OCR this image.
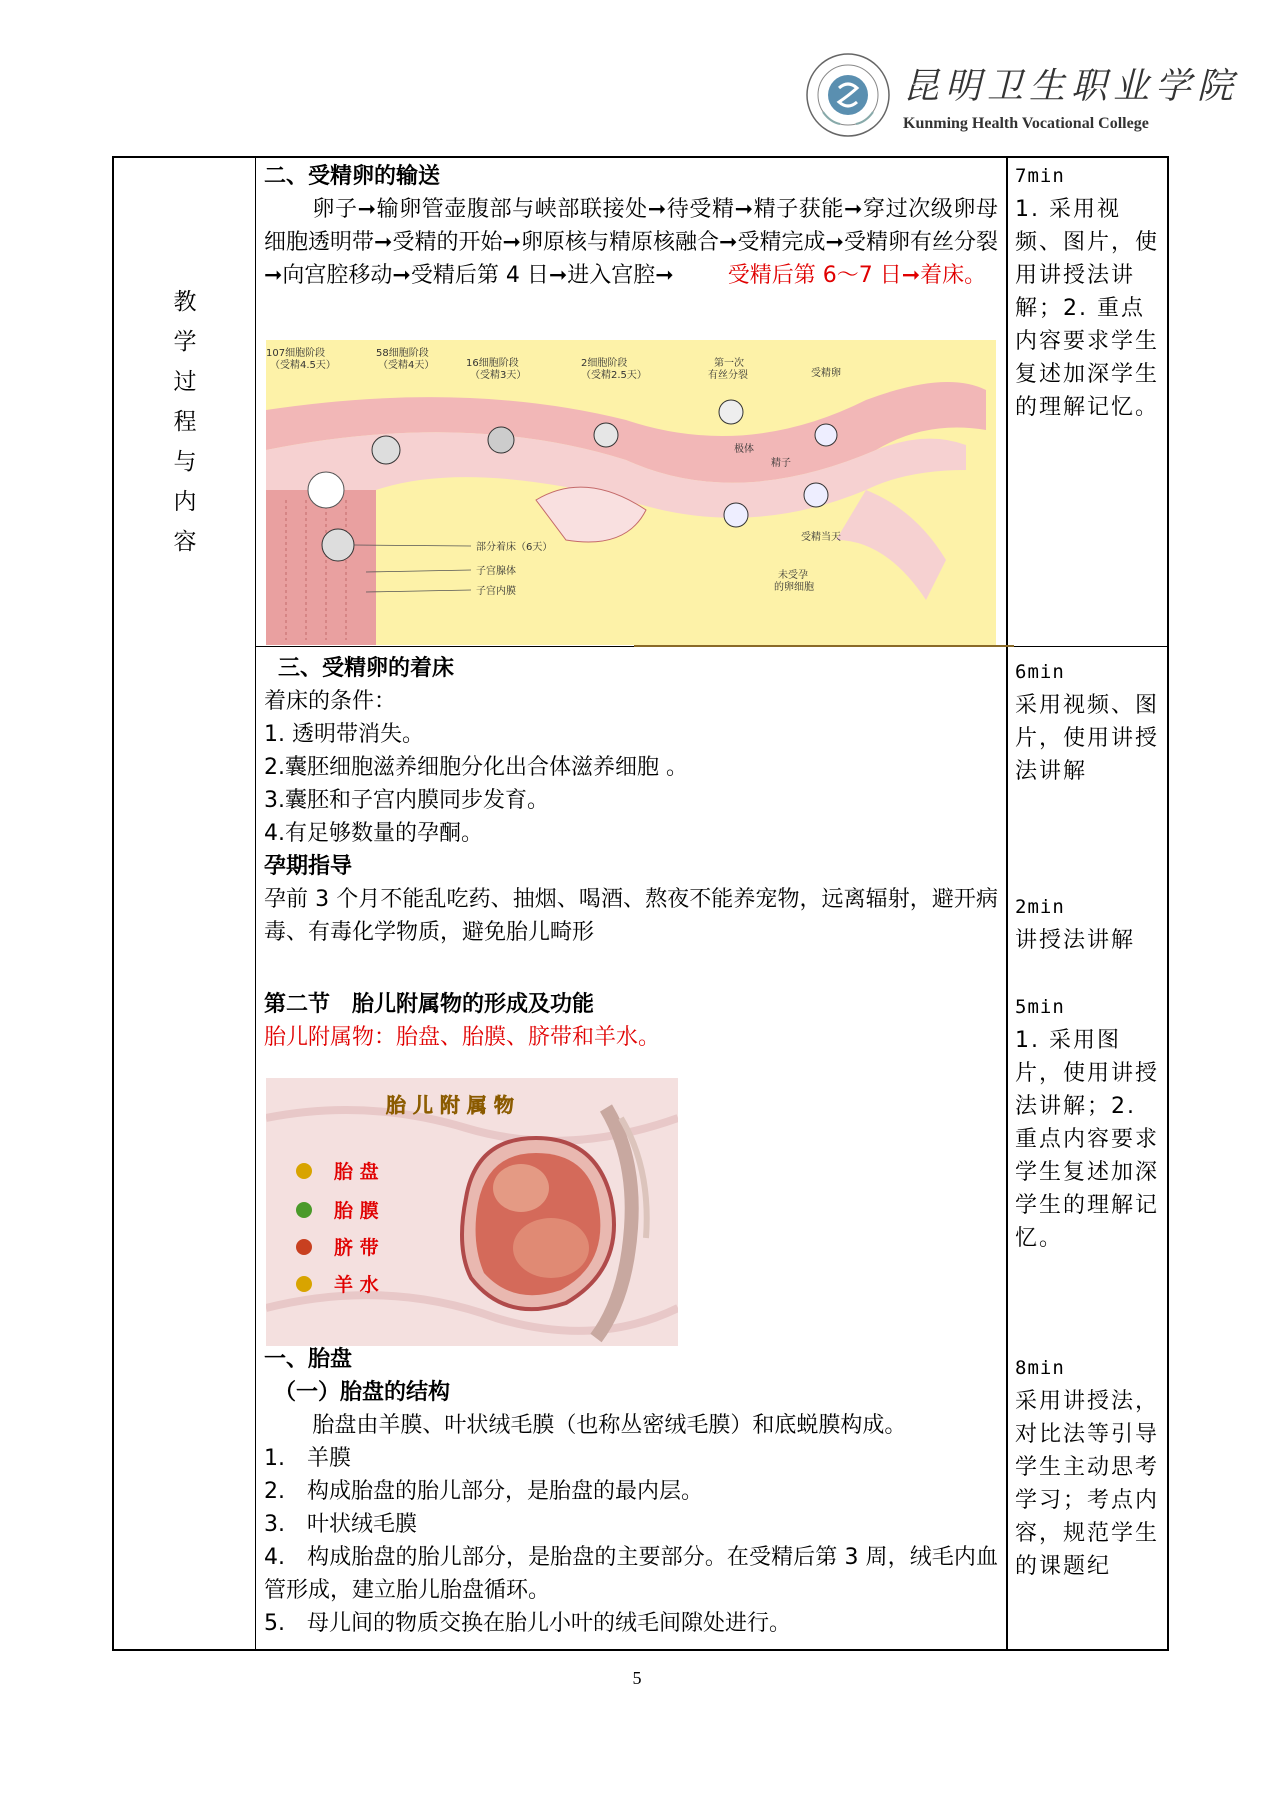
昆明卫生职业学院
Kunming Health Vocational College
教
学
过
程
与
内
容
二、受精卵的输送
卵子➞输卵管壶腹部与峡部联接处➞待受精➞精子获能➞穿过次级卵母细胞透明带➞受精的开始➞卵原核与精原核融合➞受精完成➞受精卵有丝分裂➞向宫腔移动➞受精后第 4 日➞进入宫腔➞ 受精后第 6～7 日➞着床。
107细胞阶段
（受精4.5天）
58细胞阶段
（受精4天）	16细胞阶段
（受精3天）
2细胞阶段
（受精2.5天）
第一次
有丝分裂	受精卵
极体
精子
受精当天
未受孕
的卵细胞
部分着床（6天）
子宫腺体
子宫内膜
三、受精卵的着床
着床的条件：
1. 透明带消失。
2.囊胚细胞滋养细胞分化出合体滋养细胞 。
3.囊胚和子宫内膜同步发育。
4.有足够数量的孕酮。
孕期指导
孕前 3 个月不能乱吃药、抽烟、喝酒、熬夜不能养宠物，远离辐射，避开病毒、有毒化学物质，避免胎儿畸形
第二节　胎儿附属物的形成及功能
胎儿附属物：胎盘、胎膜、脐带和羊水。
胎 儿 附 属 物
胎 盘
胎 膜
脐 带
羊 水
一、胎盘
（一）胎盘的结构
胎盘由羊膜、叶状绒毛膜（也称丛密绒毛膜）和底蜕膜构成。
1.　羊膜
2.　构成胎盘的胎儿部分，是胎盘的最内层。
3.　叶状绒毛膜
4.　构成胎盘的胎儿部分，是胎盘的主要部分。在受精后第 3 周，绒毛内血管形成，建立胎儿胎盘循环。
5.　母儿间的物质交换在胎儿小叶的绒毛间隙处进行。
7min
1. 采用视频、图片，使用讲授法讲解；2. 重点内容要求学生复述加深学生的理解记忆。
6min
采用视频、图片，使用讲授法讲解
2min
讲授法讲解
5min
1. 采用图片，使用讲授法讲解；2. 重点内容要求学生复述加深学生的理解记忆。
8min
采用讲授法，对比法等引导学生主动思考学习；考点内容，规范学生的课题纪
5
